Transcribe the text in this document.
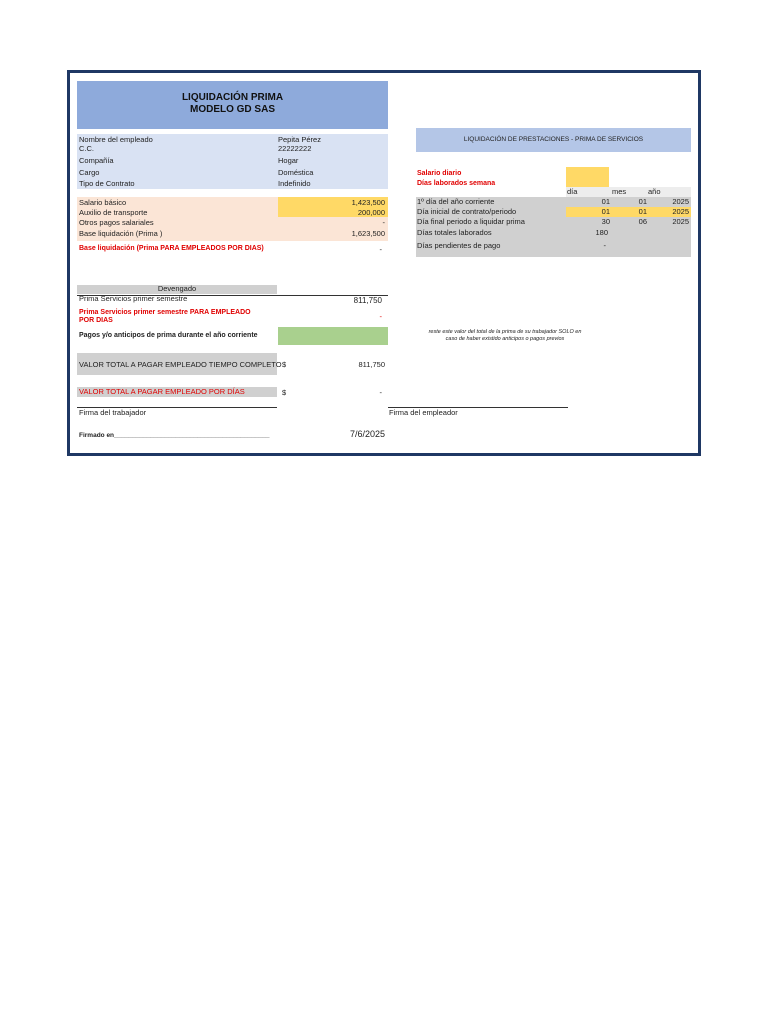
LIQUIDACIÓN PRIMA
MODELO GD SAS
Nombre del empleado	Pepita Pérez
C.C.	22222222
Compañía	Hogar
Cargo	Doméstica
Tipo de Contrato	Indefinido
Salario básico	1,423,500
Auxilio de transporte	200,000
Otros pagos salariales	-
Base liquidación (Prima )	1,623,500
Base liquidación (Prima PARA EMPLEADOS POR DIAS)	-
Devengado
Prima Servicios primer semestre	811,750
Prima Servicios primer semestre PARA EMPLEADO
POR DIAS	-
Pagos y/o anticipos de prima durante el año corriente	reste este valor del total de la prima de su trabajador SOLO en
caso de haber existido anticipos o pagos previos
VALOR TOTAL A PAGAR EMPLEADO TIEMPO COMPLETO $	811,750
VALOR TOTAL A PAGAR EMPLEADO POR DÍAS	$	-
Firma del trabajador	Firma del empleador
Firmado en___________________________________________	7/6/2025
LIQUIDACIÓN DE PRESTACIONES - PRIMA DE SERVICIOS
Salario diario
Días laborados semana
día	mes	año
1º día del año corriente	01	01	2025
Día inicial de contrato/periodo	01	01	2025
Día final periodo a liquidar prima	30	06	2025
Días totales laborados	180
Días pendientes de pago	-
